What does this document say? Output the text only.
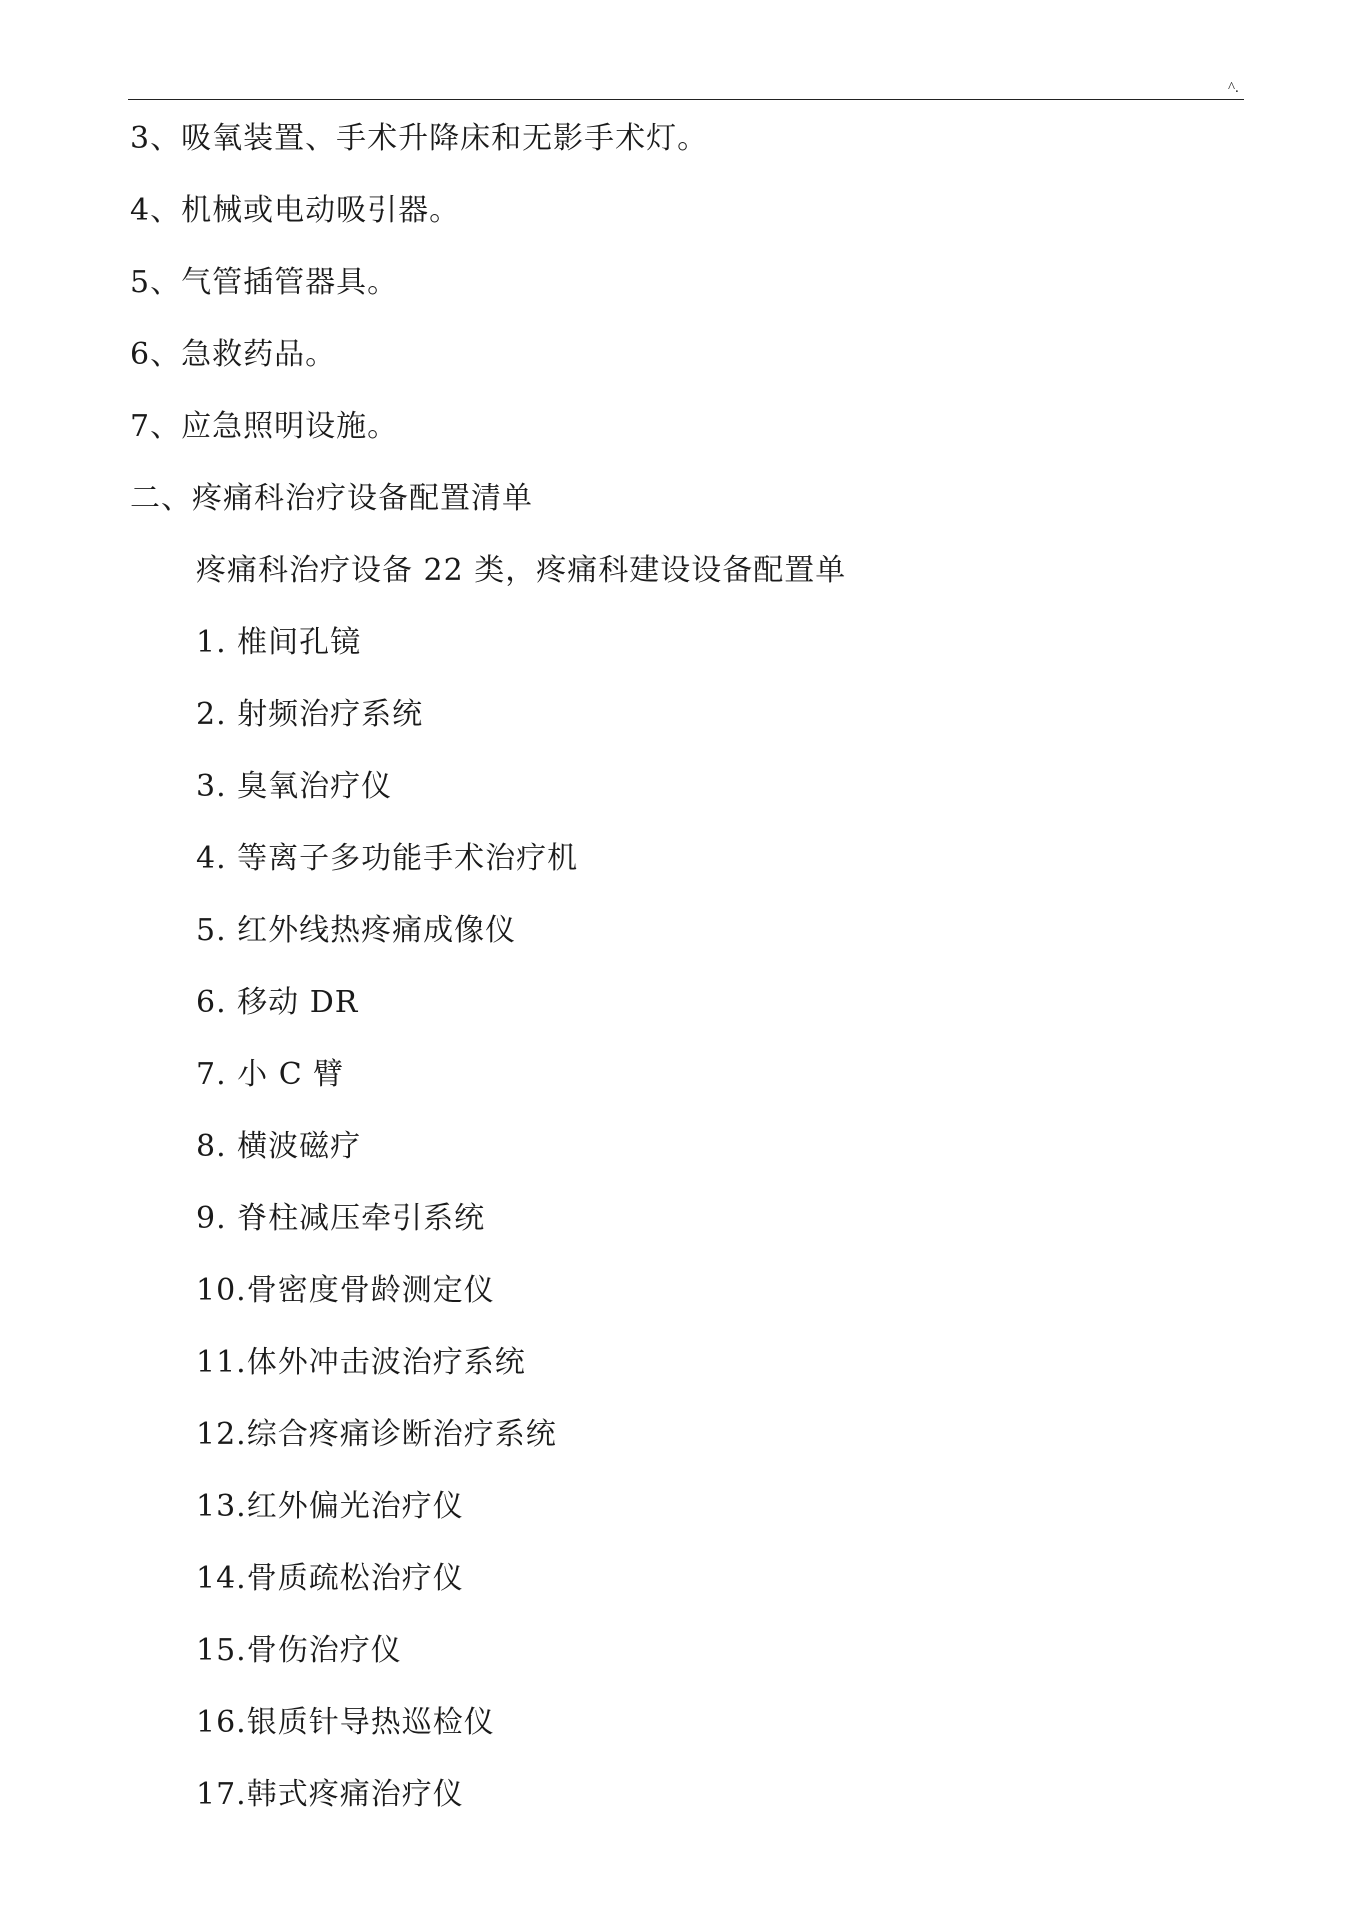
^.
3、吸氧装置、手术升降床和无影手术灯。
4、机械或电动吸引器。
5、气管插管器具。
6、急救药品。
7、应急照明设施。
二、疼痛科治疗设备配置清单
疼痛科治疗设备 22 类，疼痛科建设设备配置单
1. 椎间孔镜
2. 射频治疗系统
3. 臭氧治疗仪
4. 等离子多功能手术治疗机
5. 红外线热疼痛成像仪
6. 移动 DR
7. 小 C 臂
8. 横波磁疗
9. 脊柱减压牵引系统
10.骨密度骨龄测定仪
11.体外冲击波治疗系统
12.综合疼痛诊断治疗系统
13.红外偏光治疗仪
14.骨质疏松治疗仪
15.骨伤治疗仪
16.银质针导热巡检仪
17.韩式疼痛治疗仪
